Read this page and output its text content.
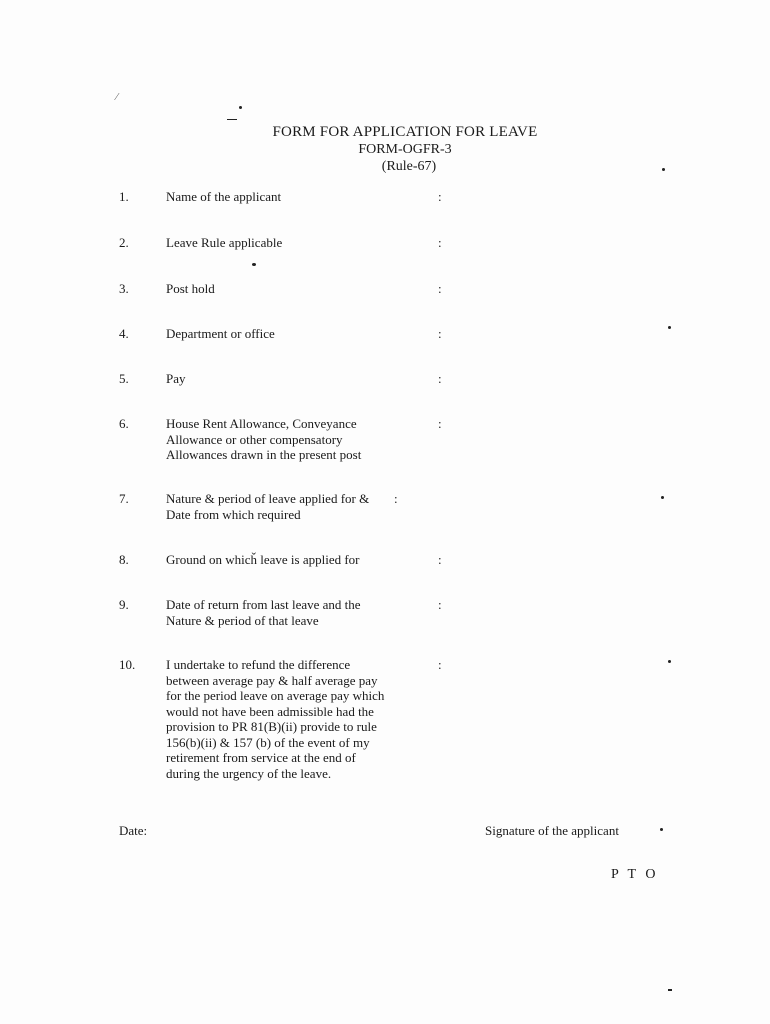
⁄
FORM FOR APPLICATION FOR LEAVE
FORM-OGFR-3
(Rule-67)
1.	Name of the applicant	:
2.	Leave Rule applicable	:
3.	Post hold	:
4.	Department or office	:
5.	Pay	:
6.	House Rent Allowance, Conveyance
Allowance or other compensatory
Allowances drawn in the present post
:
7.	Nature & period of leave applied for &
Date from which required
:
8.	Ground on whicȟ leave is applied for	:
9.	Date of return from last leave and the
Nature & period of that leave
:
10. I undertake to refund the difference
between average pay & half average pay
for the period leave on average pay which
would not have been admissible had the
provision to PR 81(B)(ii) provide to rule
156(b)(ii) & 157 (b) of the event of my
retirement from service at the end of
during the urgency of the leave.
:
Date:	Signature of the applicant
P T O
